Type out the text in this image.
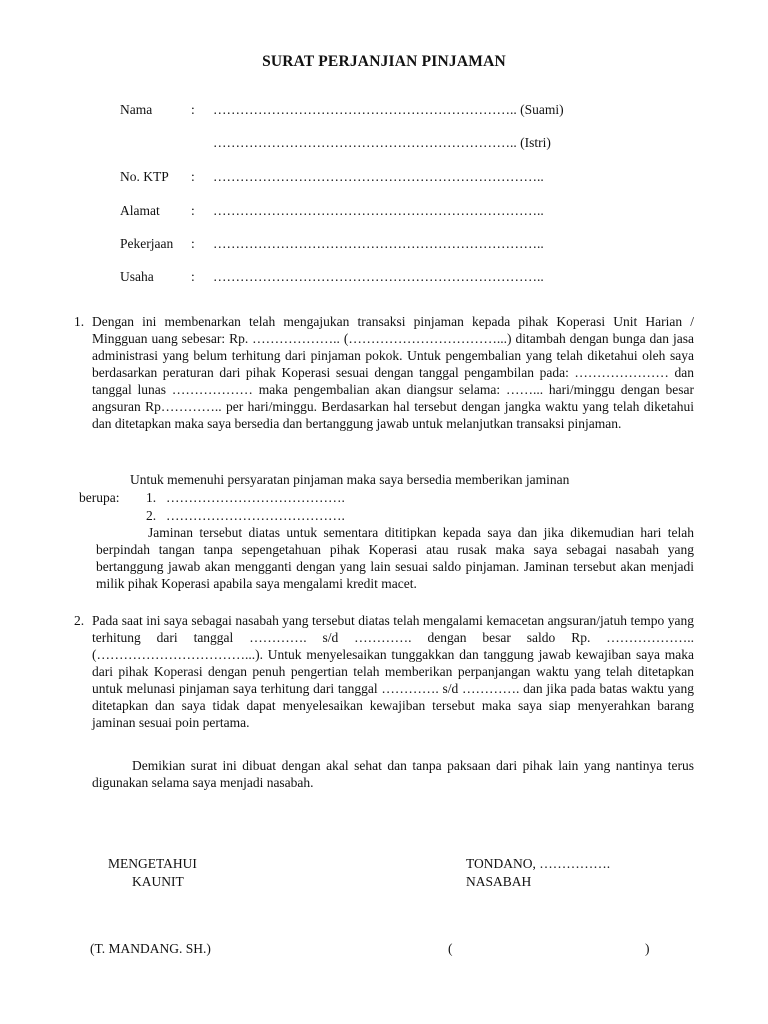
SURAT PERJANJIAN PINJAMAN
Nama	: ………………………………………………………….. (Suami)
………………………………………………………….. (Istri)
No. KTP : ………………………………………………………………..
Alamat : ………………………………………………………………..
Pekerjaan : ………………………………………………………………..
Usaha	: ………………………………………………………………..
1. Dengan ini membenarkan telah mengajukan transaksi pinjaman kepada pihak Koperasi Unit Harian / Mingguan uang sebesar: Rp. ……………….. (……………………………...) ditambah dengan bunga dan jasa administrasi yang belum terhitung dari pinjaman pokok. Untuk pengembalian yang telah diketahui oleh saya berdasarkan peraturan dari pihak Koperasi sesuai dengan tanggal pengambilan pada: ………………… dan tanggal lunas ……………… maka pengembalian akan diangsur selama: ……... hari/minggu dengan besar angsuran Rp………….. per hari/minggu. Berdasarkan hal tersebut dengan jangka waktu yang telah diketahui dan ditetapkan maka saya bersedia dan bertanggung jawab untuk melanjutkan transaksi pinjaman.
Untuk memenuhi persyaratan pinjaman maka saya bersedia memberikan jaminan
berupa: 1. ………………………………….
2. ………………………………….
Jaminan tersebut diatas untuk sementara dititipkan kepada saya dan jika dikemudian hari telah berpindah tangan tanpa sepengetahuan pihak Koperasi atau rusak maka saya sebagai nasabah yang bertanggung jawab akan mengganti dengan yang lain sesuai saldo pinjaman. Jaminan tersebut akan menjadi milik pihak Koperasi apabila saya mengalami kredit macet.
2. Pada saat ini saya sebagai nasabah yang tersebut diatas telah mengalami kemacetan angsuran/jatuh tempo yang terhitung dari tanggal …………. s/d …………. dengan besar saldo Rp. ……………….. (……………………………...). Untuk menyelesaikan tunggakkan dan tanggung jawab kewajiban saya maka dari pihak Koperasi dengan penuh pengertian telah memberikan perpanjangan waktu yang telah ditetapkan untuk melunasi pinjaman saya terhitung dari tanggal …………. s/d …………. dan jika pada batas waktu yang ditetapkan dan saya tidak dapat menyelesaikan kewajiban tersebut maka saya siap menyerahkan barang jaminan sesuai poin pertama.
Demikian surat ini dibuat dengan akal sehat dan tanpa paksaan dari pihak lain yang nantinya terus digunakan selama saya menjadi nasabah.
MENGETAHUI
KAUNIT
TONDANO, …………….
NASABAH
(T. MANDANG. SH.)	(	)
